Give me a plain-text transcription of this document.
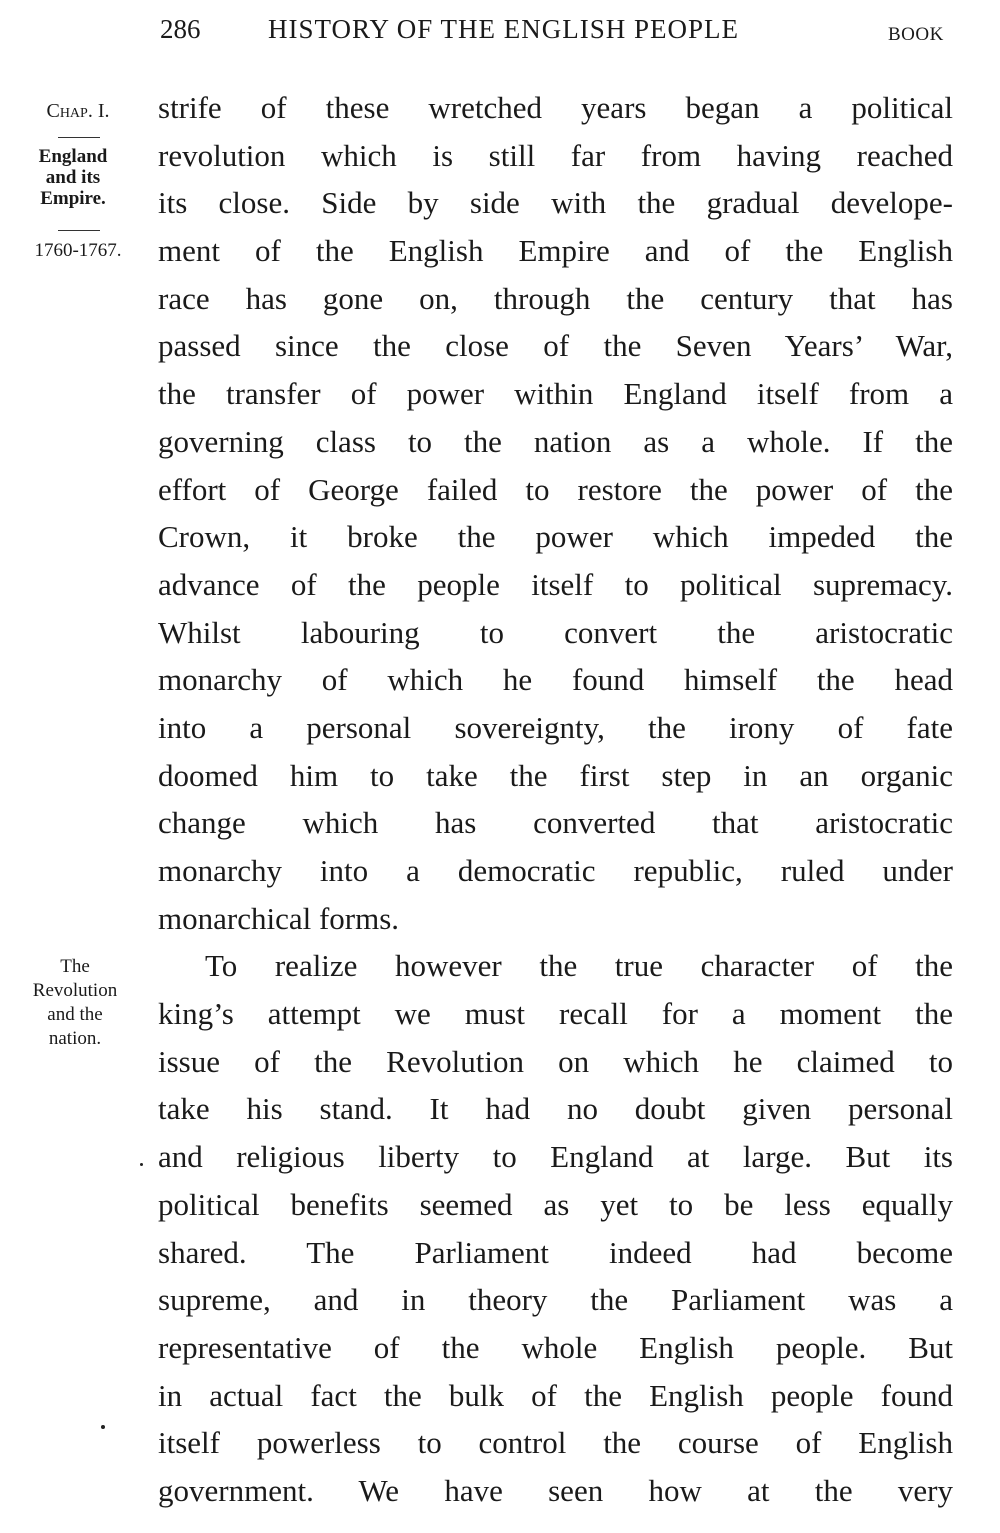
286	HISTORY OF THE ENGLISH PEOPLE	BOOK
Chap. I.
England
and its
Empire.
1760-1767.
The
Revolution
and the
nation.
strife of these wretched years began a political
revolution which is still far from having reached
its close. Side by side with the gradual develope-
ment of the English Empire and of the English
race has gone on, through the century that has
passed since the close of the Seven Years’ War,
the transfer of power within England itself from a
governing class to the nation as a whole. If the
effort of George failed to restore the power of the
Crown, it broke the power which impeded the
advance of the people itself to political supremacy.
Whilst labouring to convert the aristocratic
monarchy of which he found himself the head
into a personal sovereignty, the irony of fate
doomed him to take the first step in an organic
change which has converted that aristocratic
monarchy into a democratic republic, ruled under
monarchical forms.
To realize however the true character of the
king’s attempt we must recall for a moment the
issue of the Revolution on which he claimed to
take his stand. It had no doubt given personal
and religious liberty to England at large. But its
political benefits seemed as yet to be less equally
shared. The Parliament indeed had become
supreme, and in theory the Parliament was a
representative of the whole English people. But
in actual fact the bulk of the English people found
itself powerless to control the course of English
government. We have seen how at the very
